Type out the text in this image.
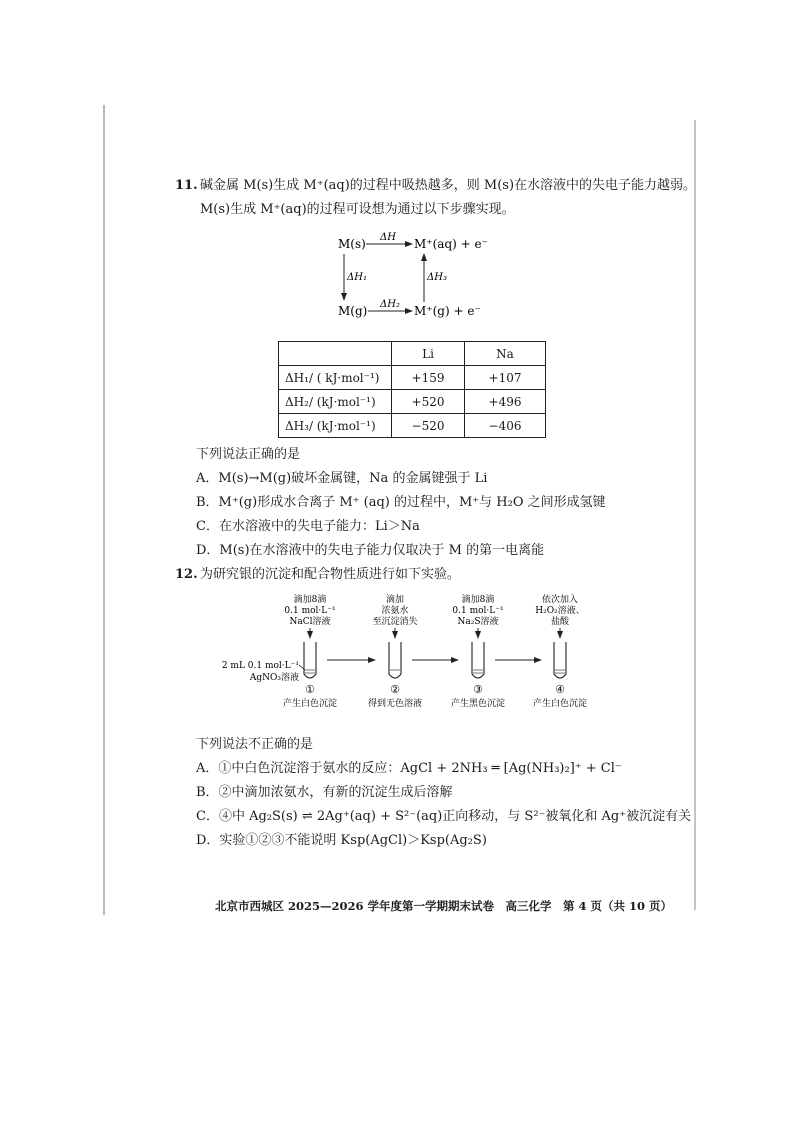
11. 碱金属 M(s)生成 M⁺(aq)的过程中吸热越多，则 M(s)在水溶液中的失电子能力越弱。
M(s)生成 M⁺(aq)的过程可设想为通过以下步骤实现。
M(s)	M⁺(aq) + e⁻
M(g)	M⁺(g) + e⁻
ΔH
ΔH₁
ΔH₂
ΔH₃
	Li	Na
ΔH₁/ ( kJ·mol⁻¹)	+159	+107
ΔH₂/ (kJ·mol⁻¹)	+520	+496
ΔH₃/ (kJ·mol⁻¹)	−520	−406
下列说法正确的是
A．M(s)→M(g)破坏金属键，Na 的金属键强于 Li
B．M⁺(g)形成水合离子 M⁺ (aq) 的过程中，M⁺与 H₂O 之间形成氢键
C．在水溶液中的失电子能力：Li＞Na
D．M(s)在水溶液中的失电子能力仅取决于 M 的第一电离能
12. 为研究银的沉淀和配合物性质进行如下实验。
滴加8滴
0.1 mol·L⁻¹
NaCl溶液
滴加
浓氨水
至沉淀消失
滴加8滴
0.1 mol·L⁻¹
Na₂S溶液
依次加入
H₂O₂溶液、
盐酸
2 mL 0.1 mol·L⁻¹
AgNO₃溶液
①	②	③	④
产生白色沉淀	得到无色溶液	产生黑色沉淀	产生白色沉淀
下列说法不正确的是
A．①中白色沉淀溶于氨水的反应：AgCl + 2NH₃ ═ [Ag(NH₃)₂]⁺ + Cl⁻
B．②中滴加浓氨水，有新的沉淀生成后溶解
C．④中 Ag₂S(s) ⇌ 2Ag⁺(aq) + S²⁻(aq)正向移动，与 S²⁻被氧化和 Ag⁺被沉淀有关
D．实验①②③不能说明 Ksp(AgCl)＞Ksp(Ag₂S)
北京市西城区 2025—2026 学年度第一学期期末试卷　高三化学　第 4 页（共 10 页）
